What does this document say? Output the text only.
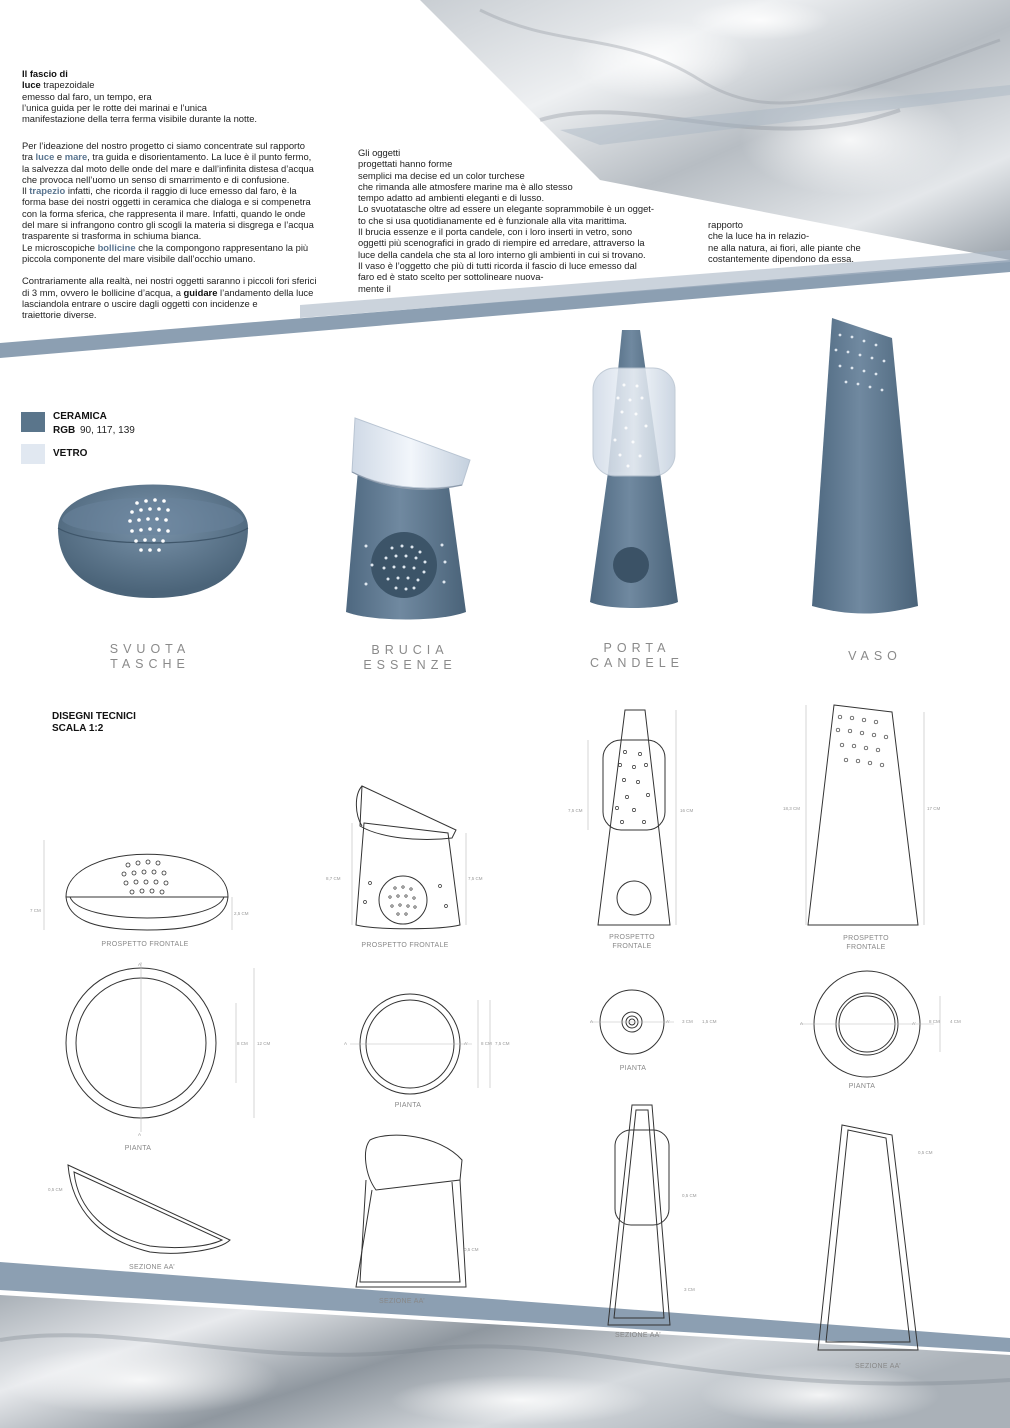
Il fascio di

luce trapezoidale

emesso dal faro, un tempo, era

l’unica guida per le rotte dei marinai e l’unica

manifestazione della terra ferma visibile durante la notte.

Per l’ideazione del nostro progetto ci siamo concentrate sul rapporto

tra luce e mare, tra guida e disorientamento. La luce è il punto fermo,

la salvezza dal moto delle onde del mare e dall’infinita distesa d’acqua
che provoca nell’uomo un senso di smarrimento e di confusione.

Il trapezio infatti, che ricorda il raggio di luce emesso dal faro, è la

forma base dei nostri oggetti in ceramica che dialoga e si compenetra
con la forma sferica, che rappresenta il mare. Infatti, quando le onde
del mare si infrangono contro gli scogli la materia si disgrega e l’acqua
trasparente si trasforma in schiuma bianca.

Le microscopiche bollicine che la compongono rappresentano la più

piccola componente del mare visibile dall’occhio umano.

Contrariamente alla realtà, nei nostri oggetti saranno i piccoli fori sferici
di 3 mm, ovvero le bollicine d’acqua, a guidare l’andamento della luce

lasciandola entrare o uscire dagli oggetti con incidenze e
traiettorie diverse.

Gli oggetti
progettati hanno forme
semplici ma decise ed un color turchese
che rimanda alle atmosfere marine ma è allo stesso
tempo adatto ad ambienti eleganti e di lusso.
Lo svuotatasche oltre ad essere un elegante soprammobile è un ogget-
to che si usa quotidianamente ed è funzionale alla vita marittima.
Il brucia essenze e il porta candele, con i loro inserti in vetro, sono
oggetti più scenografici in grado di riempire ed arredare, attraverso la
luce della candela che sta al loro interno gli ambienti in cui si trovano.
Il vaso è l’oggetto che più di tutti ricorda il fascio di luce emesso dal
faro ed è stato scelto per sottolineare nuova-
mente il

rapporto
che la luce ha in relazio-
ne alla natura, ai fiori, alle piante che
costantemente dipendono da essa.

CERAMICA
RGB 90, 117, 139
VETRO
SVUOTA
TASCHE
BRUCIA
ESSENZE
PORTA
CANDELE	VASO
DISEGNI TECNICI
SCALA 1:2
PROSPETTO FRONTALE	PROSPETTO FRONTALE
PROSPETTO
FRONTALE
PROSPETTO
FRONTALE
PIANTA
PIANTA
PIANTA
PIANTA
SEZIONE AA’
SEZIONE AA’
SEZIONE AA’
SEZIONE AA’
7 CM
2,5 CM
8 CM 12 CM
A’
A
0,5 CM
8,7 CM	7,5 CM
8 CM 7,5 CM
A	A’
0,5 CM
7,5 CM	16 CM
3 CM 1,5 CM
A	A’
0,5 CM
3 CM
18,3 CM	17 CM
8 CM 4 CM
A	A’
0,5 CM
